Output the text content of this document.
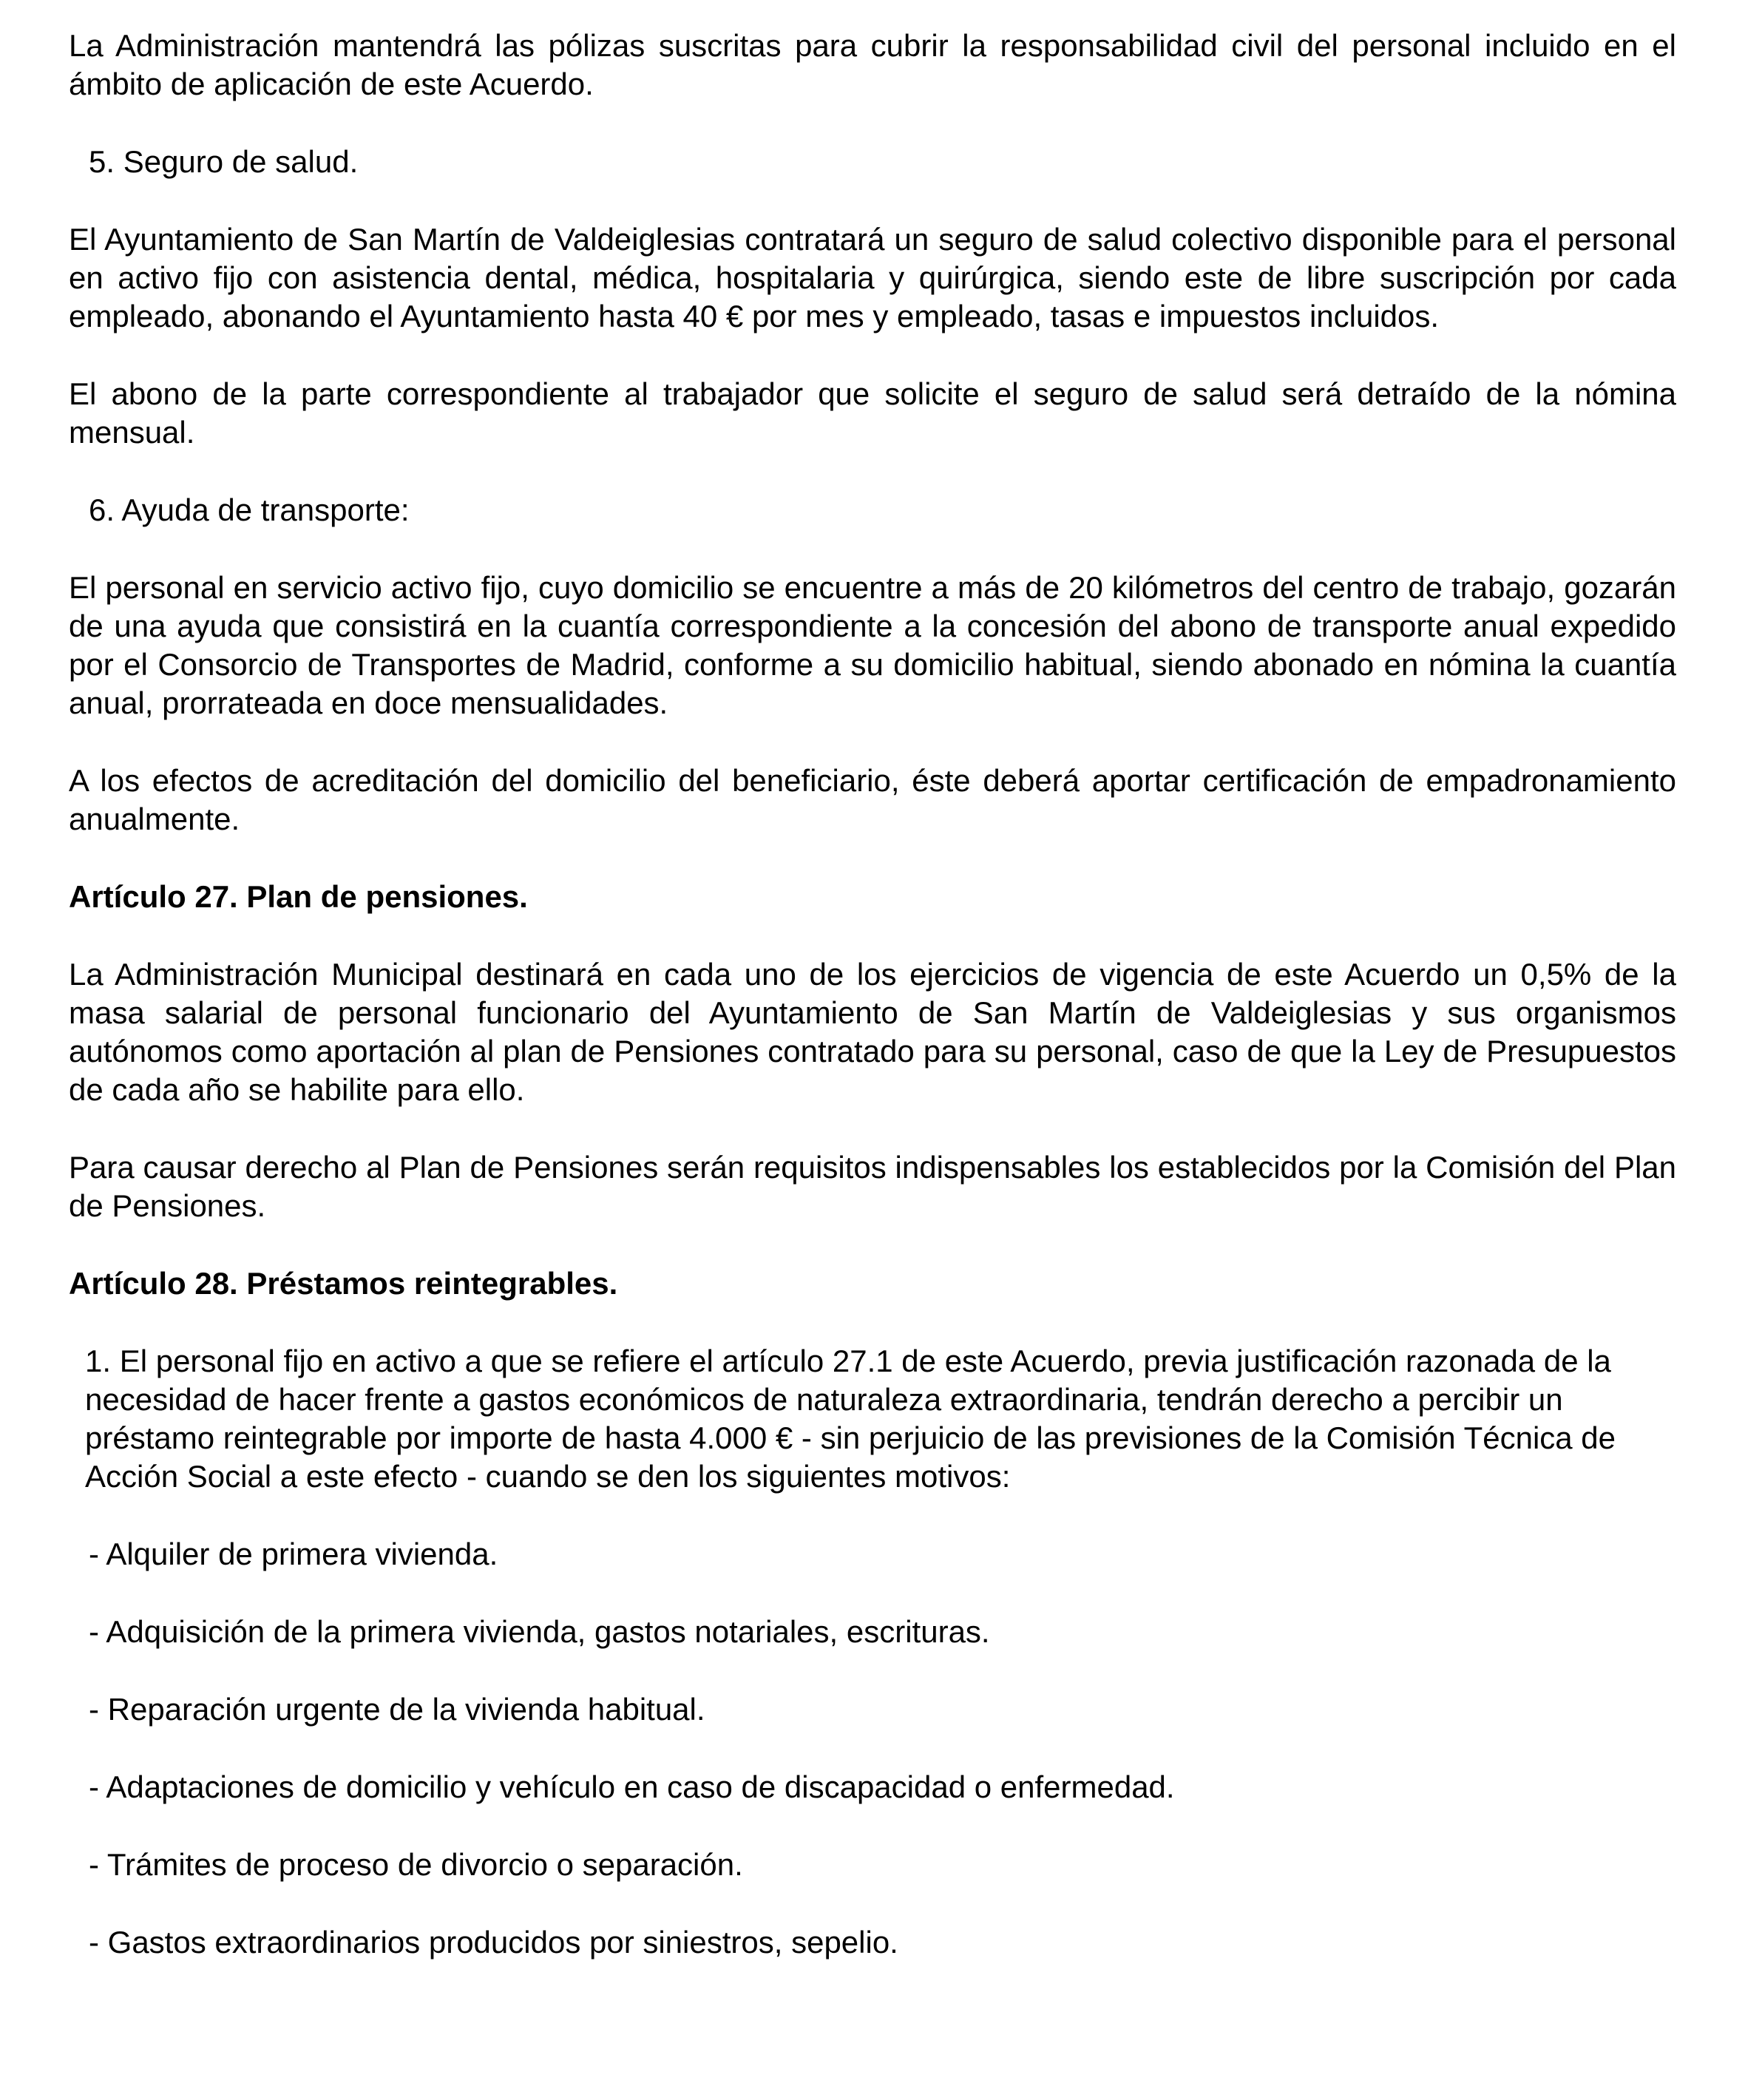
La Administración mantendrá las pólizas suscritas para cubrir la responsabilidad civil del personal incluido en el ámbito de aplicación de este Acuerdo.

5. Seguro de salud.

El Ayuntamiento de San Martín de Valdeiglesias contratará un seguro de salud colectivo disponible para el personal en activo fijo con asistencia dental, médica, hospitalaria y quirúrgica, siendo este de libre suscripción por cada empleado, abonando el Ayuntamiento hasta 40 € por mes y empleado, tasas e impuestos incluidos.

El abono de la parte correspondiente al trabajador que solicite el seguro de salud será detraído de la nómina mensual.

6. Ayuda de transporte:

El personal en servicio activo fijo, cuyo domicilio se encuentre a más de 20 kilómetros del centro de trabajo, gozarán de una ayuda que consistirá en la cuantía correspondiente a la concesión del abono de transporte anual expedido por el Consorcio de Transportes de Madrid, conforme a su domicilio habitual, siendo abonado en nómina la cuantía anual, prorrateada en doce mensualidades.

A los efectos de acreditación del domicilio del beneficiario, éste deberá aportar certificación de empadronamiento anualmente.

Artículo 27. Plan de pensiones.

La Administración Municipal destinará en cada uno de los ejercicios de vigencia de este Acuerdo un 0,5% de la masa salarial de personal funcionario del Ayuntamiento de San Martín de Valdeiglesias y sus organismos autónomos como aportación al plan de Pensiones contratado para su personal, caso de que la Ley de Presupuestos de cada año se habilite para ello.

Para causar derecho al Plan de Pensiones serán requisitos indispensables los establecidos por la Comisión del Plan de Pensiones.

Artículo 28. Préstamos reintegrables.

1. El personal fijo en activo a que se refiere el artículo 27.1 de este Acuerdo, previa justificación razonada de la necesidad de hacer frente a gastos económicos de naturaleza extraordinaria, tendrán derecho a percibir un préstamo reintegrable por importe de hasta 4.000 € - sin perjuicio de las previsiones de la Comisión Técnica de Acción Social a este efecto - cuando se den los siguientes motivos:

- Alquiler de primera vivienda.

- Adquisición de la primera vivienda, gastos notariales, escrituras.

- Reparación urgente de la vivienda habitual.

- Adaptaciones de domicilio y vehículo en caso de discapacidad o enfermedad.

- Trámites de proceso de divorcio o separación.

- Gastos extraordinarios producidos por siniestros, sepelio.
